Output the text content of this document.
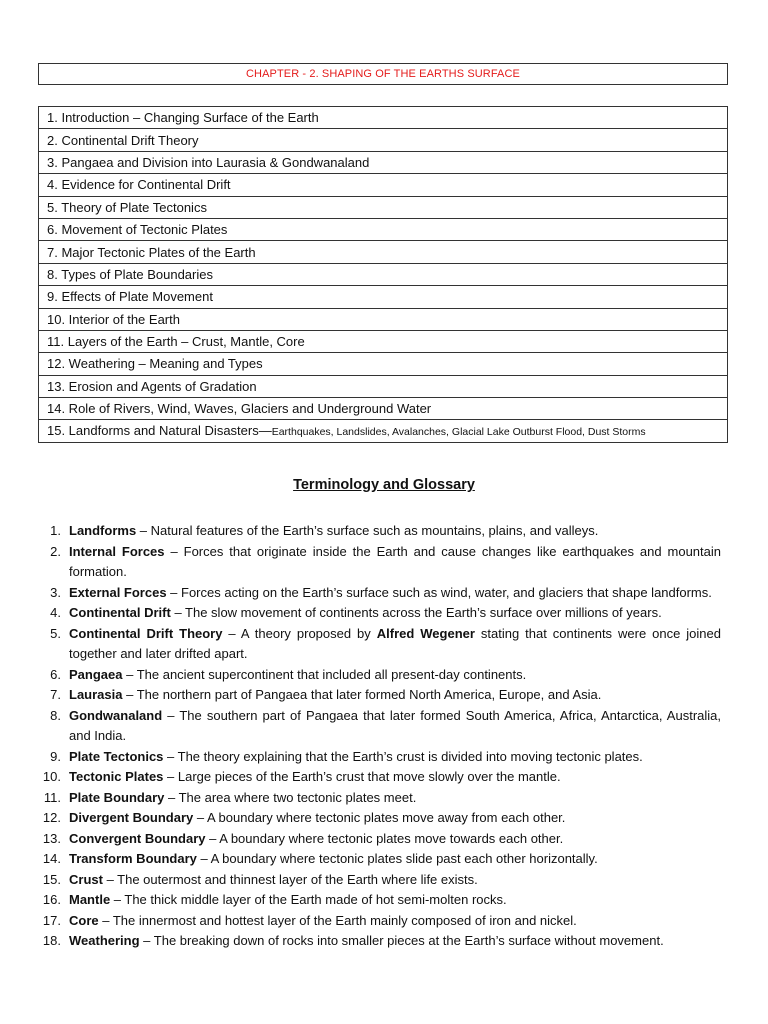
CHAPTER - 2. SHAPING OF THE EARTHS SURFACE
1. Introduction – Changing Surface of the Earth
2. Continental Drift Theory
3. Pangaea and Division into Laurasia & Gondwanaland
4. Evidence for Continental Drift
5. Theory of Plate Tectonics
6. Movement of Tectonic Plates
7. Major Tectonic Plates of the Earth
8. Types of Plate Boundaries
9. Effects of Plate Movement
10. Interior of the Earth
11. Layers of the Earth – Crust, Mantle, Core
12. Weathering – Meaning and Types
13. Erosion and Agents of Gradation
14. Role of Rivers, Wind, Waves, Glaciers and Underground Water
15. Landforms and Natural Disasters—Earthquakes, Landslides, Avalanches, Glacial Lake Outburst Flood, Dust Storms
Terminology and Glossary
1. Landforms – Natural features of the Earth’s surface such as mountains, plains, and valleys.
2. Internal Forces – Forces that originate inside the Earth and cause changes like earthquakes and mountain formation.
3. External Forces – Forces acting on the Earth’s surface such as wind, water, and glaciers that shape landforms.
4. Continental Drift – The slow movement of continents across the Earth’s surface over millions of years.
5. Continental Drift Theory – A theory proposed by Alfred Wegener stating that continents were once joined together and later drifted apart.
6. Pangaea – The ancient supercontinent that included all present-day continents.
7. Laurasia – The northern part of Pangaea that later formed North America, Europe, and Asia.
8. Gondwanaland – The southern part of Pangaea that later formed South America, Africa, Antarctica, Australia, and India.
9. Plate Tectonics – The theory explaining that the Earth’s crust is divided into moving tectonic plates.
10. Tectonic Plates – Large pieces of the Earth’s crust that move slowly over the mantle.
11. Plate Boundary – The area where two tectonic plates meet.
12. Divergent Boundary – A boundary where tectonic plates move away from each other.
13. Convergent Boundary – A boundary where tectonic plates move towards each other.
14. Transform Boundary – A boundary where tectonic plates slide past each other horizontally.
15. Crust – The outermost and thinnest layer of the Earth where life exists.
16. Mantle – The thick middle layer of the Earth made of hot semi-molten rocks.
17. Core – The innermost and hottest layer of the Earth mainly composed of iron and nickel.
18. Weathering – The breaking down of rocks into smaller pieces at the Earth’s surface without movement.
